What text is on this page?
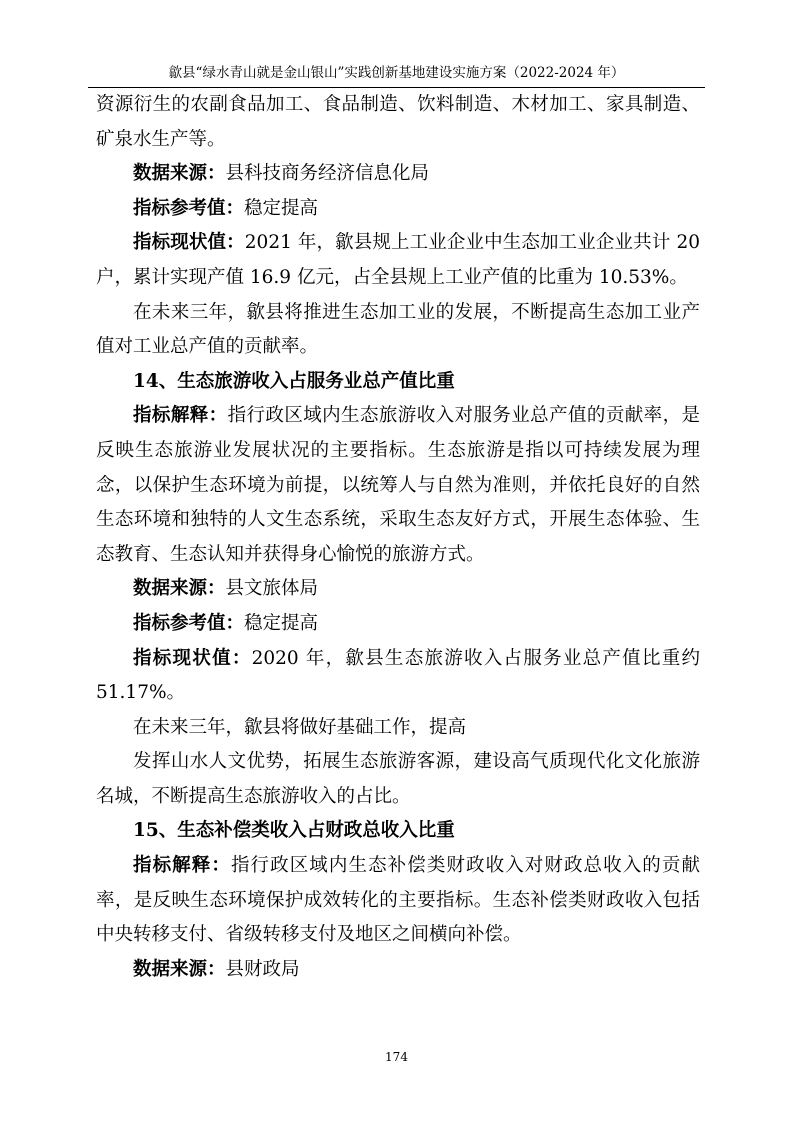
歙县“绿水青山就是金山银山”实践创新基地建设实施方案（2022-2024 年）

资源衍生的农副食品加工、食品制造、饮料制造、木材加工、家具制造、矿泉水生产等。

数据来源：县科技商务经济信息化局

指标参考值：稳定提高

指标现状值：2021 年，歙县规上工业企业中生态加工业企业共计 20 户，累计实现产值 16.9 亿元，占全县规上工业产值的比重为 10.53%。

在未来三年，歙县将推进生态加工业的发展，不断提高生态加工业产值对工业总产值的贡献率。

14、生态旅游收入占服务业总产值比重

指标解释：指行政区域内生态旅游收入对服务业总产值的贡献率，是反映生态旅游业发展状况的主要指标。生态旅游是指以可持续发展为理念，以保护生态环境为前提，以统筹人与自然为准则，并依托良好的自然生态环境和独特的人文生态系统，采取生态友好方式，开展生态体验、生态教育、生态认知并获得身心愉悦的旅游方式。

数据来源：县文旅体局

指标参考值：稳定提高

指标现状值：2020 年，歙县生态旅游收入占服务业总产值比重约 51.17%。

在未来三年，歙县将做好基础工作，提高

发挥山水人文优势，拓展生态旅游客源，建设高气质现代化文化旅游名城，不断提高生态旅游收入的占比。

15、生态补偿类收入占财政总收入比重

指标解释：指行政区域内生态补偿类财政收入对财政总收入的贡献率，是反映生态环境保护成效转化的主要指标。生态补偿类财政收入包括中央转移支付、省级转移支付及地区之间横向补偿。

数据来源：县财政局

174
